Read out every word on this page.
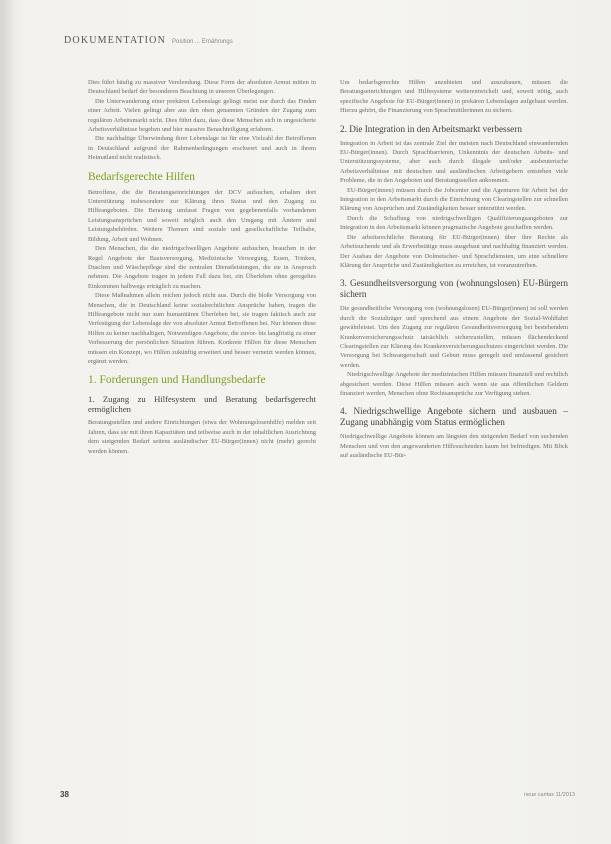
DOKUMENTATION Position ... Ernährungs

Dies führt häufig zu massiver Verelendung. Diese Form der absoluten Armut mitten in Deutschland bedarf der besonderen Beachtung in unseren Überlegungen.

Die Unterwanderung einer prekären Lebenslage gelingt meist nur durch das Finden einer Arbeit. Vielen gelingt aber aus den oben genannten Gründen der Zugang zum regulären Arbeitsmarkt nicht. Dies führt dazu, dass diese Menschen sich in ungesicherte Arbeitsverhältnisse begeben und hier massive Benachteiligung erfahren.

Die nachhaltige Überwindung ihrer Lebenslage ist für eine Vielzahl der Betroffenen in Deutschland aufgrund der Rahmenbedingungen erschwert und auch in ihrem Heimatland nicht realistisch.

Bedarfsgerechte Hilfen

Betroffene, die die Beratungseinrichtungen der DCV aufsuchen, erhalten dort Unterstützung insbesondere zur Klärung ihres Status und den Zugang zu Hilfeangeboten. Die Beratung umfasst Fragen von gegebenenfalls vorhandenen Leistungsansprüchen und soweit möglich auch den Umgang mit Ämtern und Leistungsbehörden. Weitere Themen sind soziale und gesellschaftliche Teilhabe, Bildung, Arbeit und Wohnen.

Den Menschen, die die niedrigschwelligen Angebote aufsuchen, brauchen in der Regel Angebote der Basisversorgung, Medizinische Versorgung, Essen, Trinken, Duschen und Wäschepflege sind die zentralen Dienstleistungen, die sie in Anspruch nehmen. Die Angebote tragen in jedem Fall dazu bei, ein Überleben ohne geregeltes Einkommen halbwegs erträglich zu machen.

Diese Maßnahmen allein reichen jedoch nicht aus. Durch die bloße Versorgung von Menschen, die in Deutschland keine sozialrechtlichen Ansprüche haben, tragen die Hilfeangebote nicht nur zum humanitären Überleben bei, sie tragen faktisch auch zur Verfestigung der Lebenslage der von absoluter Armut Betroffenen bei. Nur können diese Hilfen zu keiner nachhaltigen, Notwendigen Angebote, die zuvor- bis langfristig zu einer Verbesserung der persönlichen Situation führen. Konkrete Hilfen für diese Menschen müssen ein Konzept, wo Hilfen zukünftig erweitert und besser vernetzt werden können, ergänzt werden.

1. Forderungen und Handlungsbedarfe
1. Zugang zu Hilfesystem und Beratung bedarfsgerecht ermöglichen

Beratungsstellen und andere Einrichtungen (etwa der Wohnungslosenhilfe) melden seit Jahren, dass sie mit ihren Kapazitäten und teilweise auch in der inhaltlichen Ausrichtung dem steigenden Bedarf seitens ausländischer EU-Bürger(innen) nicht (mehr) gerecht werden können.

Um bedarfsgerechte Hilfen anzubieten und auszubauen, müssen die Beratungseinrichtungen und Hilfesysteme weiterentwickelt und, soweit nötig, auch spezifische Angebote für EU-Bürger(innen) in prekären Lebenslagen aufgebaut werden. Hierzu gehört, die Finanzierung von Sprachmittlerinnen zu sichern.

2. Die Integration in den Arbeitsmarkt verbessern

Integration in Arbeit ist das zentrale Ziel der meisten nach Deutschland einwandernden EU-Bürger(innen). Durch Sprachbarrieren, Unkenntnis der deutschen Arbeits- und Unterstützungssysteme, aber auch durch illegale und/oder ausbeuterische Arbeitsverhältnisse mit deutschen und ausländischen Arbeitgebern entstehen viele Probleme, die in den Angeboten und Beratungsstellen ankommen.

EU-Bürger(innen) müssen durch die Jobcenter und die Agenturen für Arbeit bei der Integration in den Arbeitsmarkt durch die Einrichtung von Clearingstellen zur schnellen Klärung von Ansprüchen und Zuständigkeiten besser unterstützt werden.

Durch die Schaffung von niedrigschwelligen Qualifizierungsangeboten zur Integration in den Arbeitsmarkt können pragmatische Angebote geschaffen werden.

Die arbeitsrechtliche Beratung für EU-Bürger(innen) über ihre Rechte als Arbeitsuchende und als Erwerbstätige muss ausgebaut und nachhaltig finanziert werden. Der Ausbau der Angebote von Dolmetscher- und Sprachdiensten, um eine schnellere Klärung der Ansprüche und Zuständigkeiten zu erreichen, ist voranzutreiben.

3. Gesundheitsversorgung von (wohnungslosen) EU-Bürgern sichern

Die gesundheitliche Versorgung von (wohnungslosen) EU-Bürger(innen) ist soll werden durch die Sozialträger und sprechend aus einem Angebote der Sozial-Wohlfahrt gewährleistet. Um den Zugang zur regulären Gesundheitsversorgung bei bestehendem Krankenversicherungsschutz tatsächlich sicherzustellen, müssen flächendeckend Clearingstellen zur Klärung des Krankenversicherungsschutzes eingerichtet werden. Die Versorgung bei Schwangerschaft und Geburt muss geregelt und umfassend gesichert werden.

Niedrigschwellige Angebote der medizinischen Hilfen müssen finanziell und rechtlich abgesichert werden. Diese Hilfen müssen auch wenn sie aus öffentlichen Geldern finanziert werden, Menschen ohne Rechtsansprüche zur Verfügung stehen.

4. Niedrigschwellige Angebote sichern und ausbauen – Zugang unabhängig vom Status ermöglichen

Niedrigschwellige Angebote können am längsten den steigenden Bedarf von suchenden Menschen und von den angewanderten Hilfesuchenden kaum bei befriedigen. Mit Blick auf ausländische EU-Bür-

38	neue caritas 11/2013
